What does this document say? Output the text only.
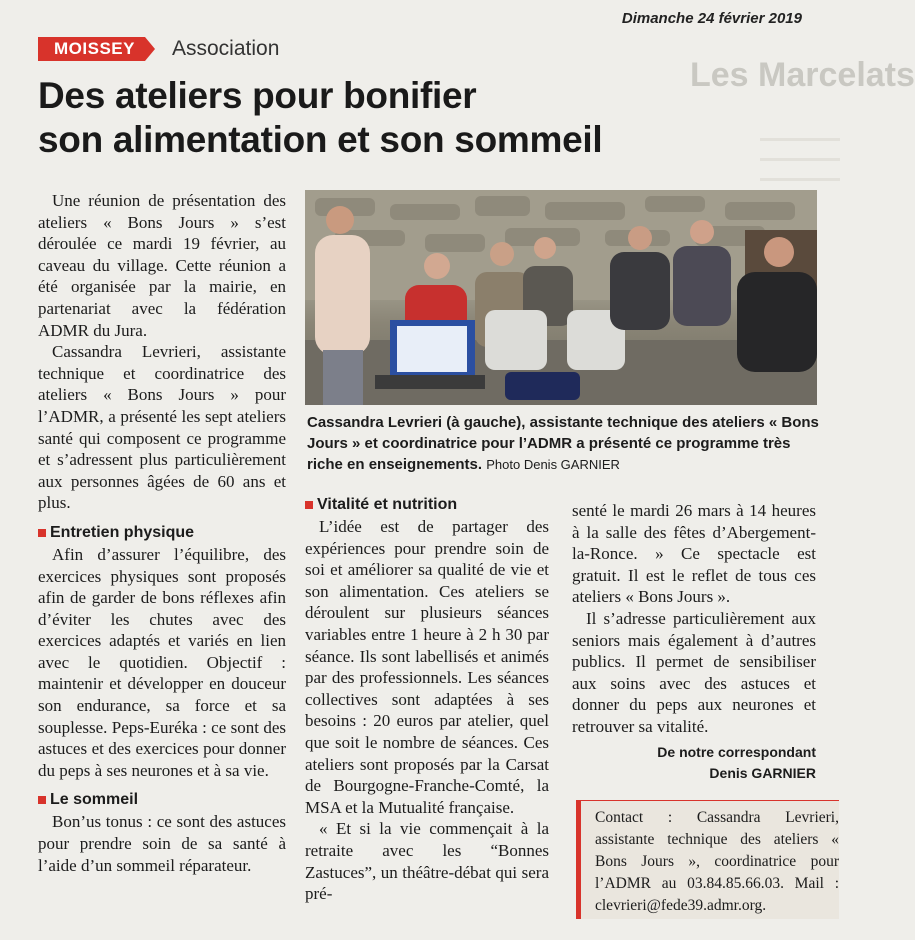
Dimanche 24 février 2019
MOISSEY	Association
Les Marcelats
Des ateliers pour bonifier
son alimentation et son sommeil

Une réunion de présentation des ateliers « Bons Jours » s’est déroulée ce mardi 19 février, au caveau du village. Cette réunion a été organisée par la mairie, en partenariat avec la fédération ADMR du Jura.

Cassandra Levrieri, assistante technique et coordinatrice des ateliers « Bons Jours » pour l’ADMR, a présenté les sept ateliers santé qui composent ce programme et s’adressent plus particulièrement aux personnes âgées de 60 ans et plus.

Entretien physique

Afin d’assurer l’équilibre, des exercices physiques sont proposés afin de garder de bons réflexes afin d’éviter les chutes avec des exercices adaptés et variés en lien avec le quotidien. Objectif : maintenir et développer en douceur son endurance, sa force et sa souplesse. Peps-Euréka : ce sont des astuces et des exercices pour donner du peps à ses neurones et à sa vie.

Le sommeil

Bon’us tonus : ce sont des astuces pour prendre soin de sa santé à l’aide d’un sommeil réparateur.

Cassandra Levrieri (à gauche), assistante technique des ateliers « Bons Jours » et coordinatrice pour l’ADMR a présenté ce programme très riche en enseignements. Photo Denis GARNIER
Vitalité et nutrition

L’idée est de partager des expériences pour prendre soin de soi et améliorer sa qualité de vie et son alimentation. Ces ateliers se déroulent sur plusieurs séances variables entre 1 heure à 2 h 30 par séance. Ils sont labellisés et animés par des professionnels. Les séances collectives sont adaptées à ses besoins : 20 euros par atelier, quel que soit le nombre de séances. Ces ateliers sont proposés par la Carsat de Bourgogne-Franche-Comté, la MSA et la Mutualité française.

« Et si la vie commençait à la retraite avec les “Bonnes Zastuces”, un théâtre-débat qui sera pré-

senté le mardi 26 mars à 14 heures à la salle des fêtes d’Abergement-la-Ronce. » Ce spectacle est gratuit. Il est le reflet de tous ces ateliers « Bons Jours ».

Il s’adresse particulièrement aux seniors mais également à d’autres publics. Il permet de sensibiliser aux soins avec des astuces et donner du peps aux neurones et retrouver sa vitalité.

De notre correspondant
Denis GARNIER
Contact : Cassandra Levrieri, assistante technique des ateliers « Bons Jours », coordinatrice pour l’ADMR au 03.84.85.66.03. Mail : clevrieri@fede39.admr.org.
